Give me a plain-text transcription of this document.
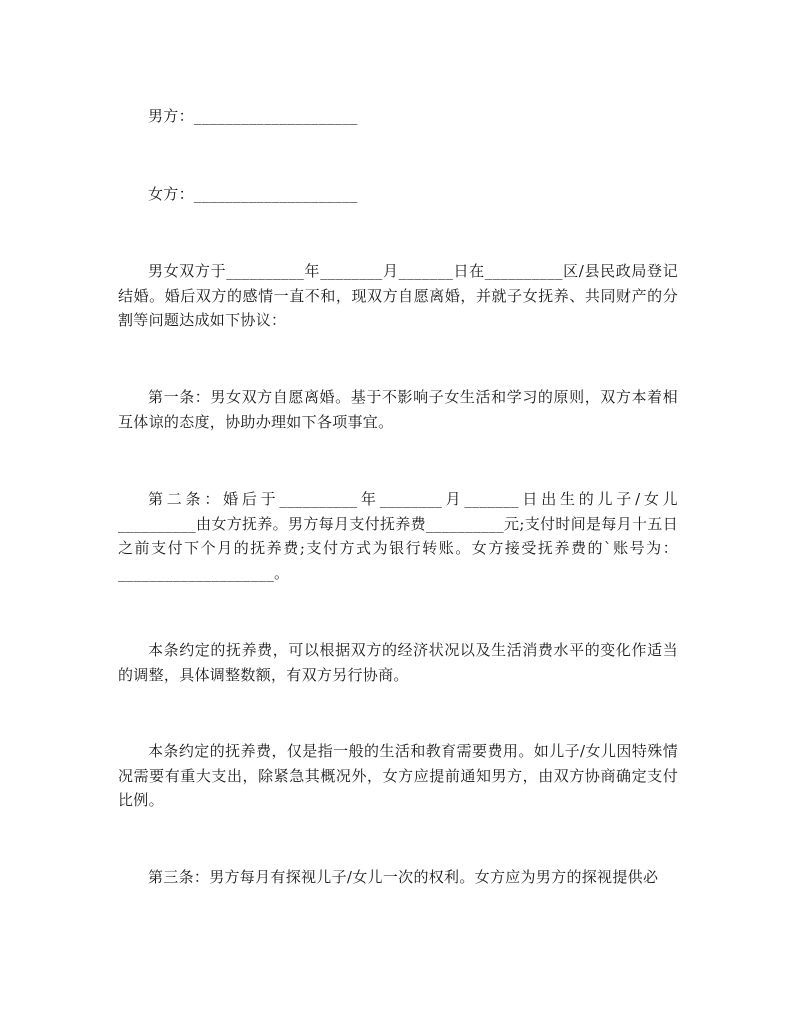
男方：_____________________

女方：_____________________

男女双方于__________年________月_______日在__________区/县民政局登记结婚。婚后双方的感情一直不和，现双方自愿离婚，并就子女抚养、共同财产的分割等问题达成如下协议：

第一条：男女双方自愿离婚。基于不影响子女生活和学习的原则，双方本着相互体谅的态度，协助办理如下各项事宜。

第二条：婚后于__________年________月_______日出生的儿子/女儿__________由女方抚养。男方每月支付抚养费__________元;支付时间是每月十五日之前支付下个月的抚养费;支付方式为银行转账。女方接受抚养费的`账号为：____________________。

本条约定的抚养费，可以根据双方的经济状况以及生活消费水平的变化作适当的调整，具体调整数额，有双方另行协商。

本条约定的抚养费，仅是指一般的生活和教育需要费用。如儿子/女儿因特殊情况需要有重大支出，除紧急其概况外，女方应提前通知男方，由双方协商确定支付比例。

第三条：男方每月有探视儿子/女儿一次的权利。女方应为男方的探视提供必
